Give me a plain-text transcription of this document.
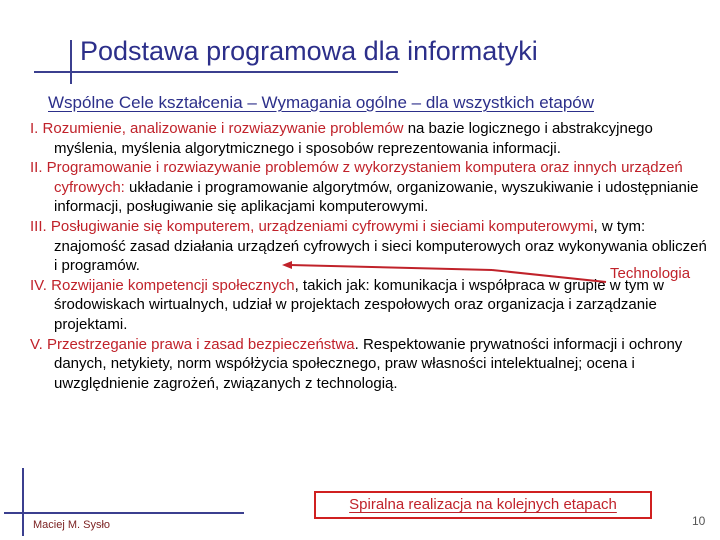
Podstawa programowa dla informatyki
Wspólne Cele kształcenia – Wymagania ogólne – dla wszystkich etapów
I. Rozumienie, analizowanie i rozwiazywanie problemów na bazie logicznego i abstrakcyjnego myślenia, myślenia algorytmicznego i sposobów reprezentowania informacji.
II. Programowanie i rozwiazywanie problemów z wykorzystaniem komputera oraz innych urządzeń cyfrowych: układanie i programowanie algorytmów, organizowanie, wyszukiwanie i udostępnianie informacji, posługiwanie się aplikacjami komputerowymi.
III. Posługiwanie się komputerem, urządzeniami cyfrowymi i sieciami komputerowymi, w tym: znajomość zasad działania urządzeń cyfrowych i sieci komputerowych oraz wykonywania obliczeń i programów.
IV. Rozwijanie kompetencji społecznych, takich jak: komunikacja i współpraca w grupie w tym w środowiskach wirtualnych, udział w projektach zespołowych oraz organizacja i zarządzanie projektami.
V. Przestrzeganie prawa i zasad bezpieczeństwa. Respektowanie prywatności informacji i ochrony danych, netykiety, norm współżycia społecznego, praw własności intelektualnej; ocena i uwzględnienie zagrożeń, związanych z technologią.
Technologia
Spiralna realizacja na kolejnych etapach
Maciej M. Sysło	10
